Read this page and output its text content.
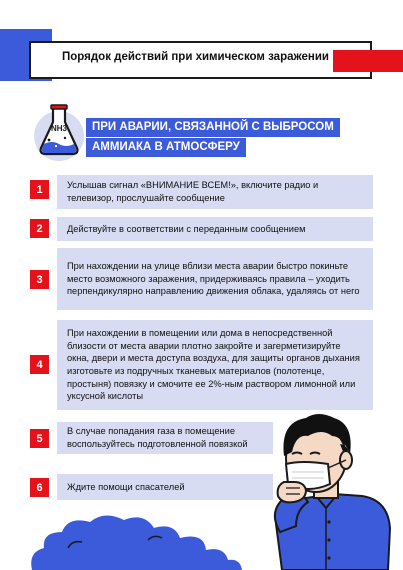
Порядок действий при химическом заражении
NH3	ПРИ АВАРИИ, СВЯЗАННОЙ С ВЫБРОСОМ
АММИАКА В АТМОСФЕРУ
1	Услышав сигнал «ВНИМАНИЕ ВСЕМ!», включите радио и телевизор, прослушайте сообщение
2	Действуйте в соответствии с переданным сообщением
3
При нахождении на улице вблизи места аварии быстро покиньте место возможного заражения, придерживаясь правила – уходить перпендикулярно направлению движения облака, удаляясь от него
4
При нахождении в помещении или дома в непосредственной близости от места аварии плотно закройте и загерметизируйте окна, двери и места доступа воздуха, для защиты органов дыхания изготовьте из подручных тканевых материалов (полотенце, простыня) повязку и смочите ее 2%-ным раствором лимонной или уксусной кислоты
5
В случае попадания газа в помещение воспользуйтесь подготовленной повязкой
6	Ждите помощи спасателей
